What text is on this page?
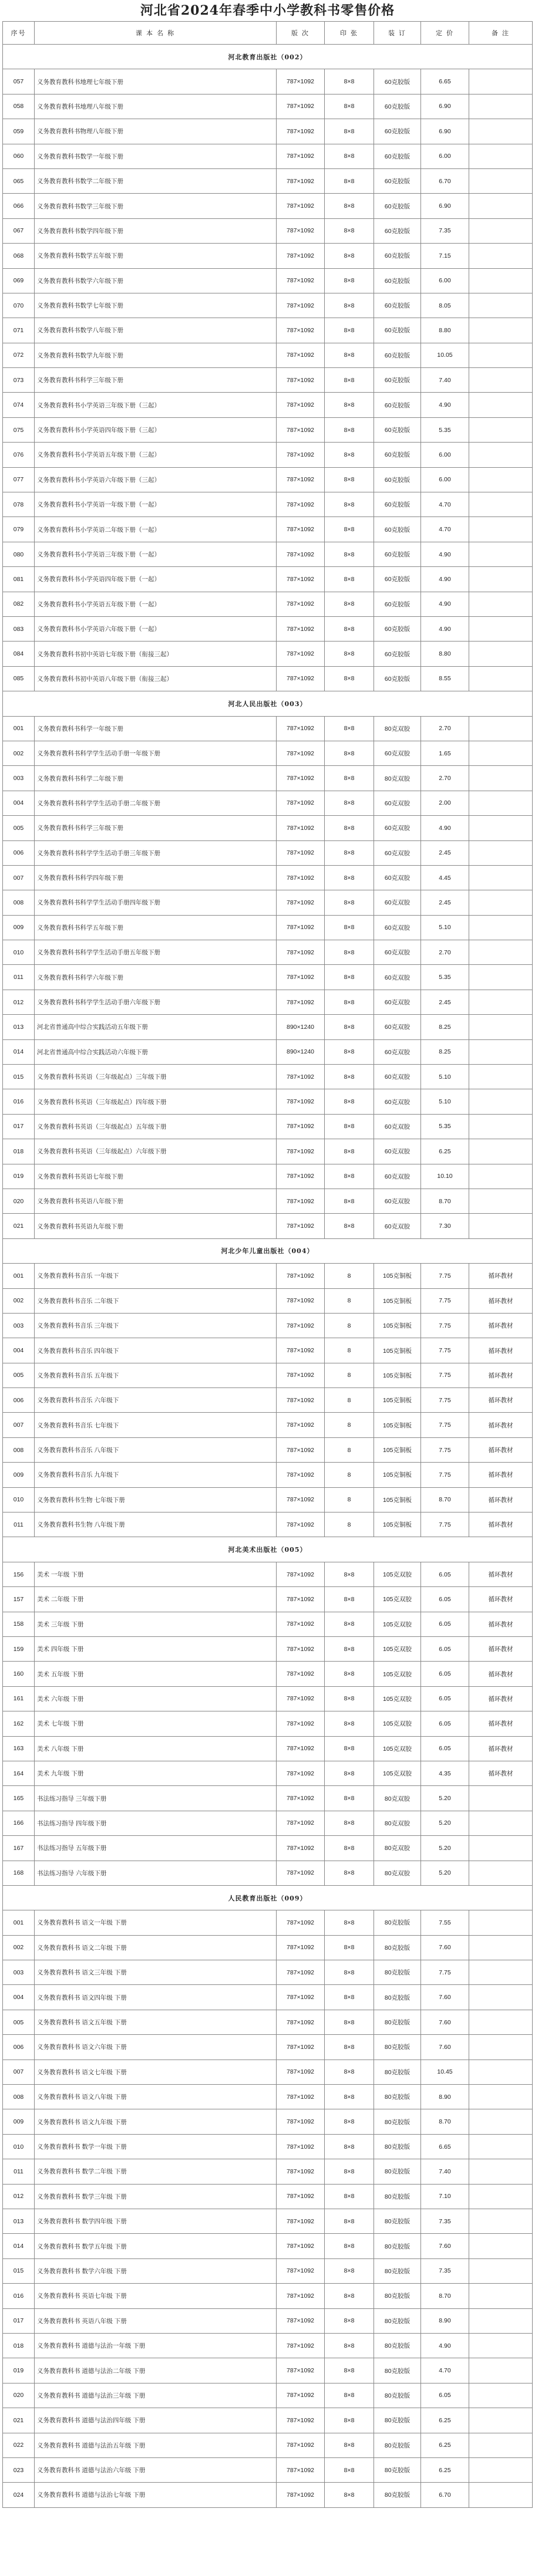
河北省2024年春季中小学教科书零售价格
序号	课 本 名 称	版 次	印 张	装 订	定 价	备 注
河北教育出版社（002）						
057	义务教育教科书地理七年级下册	787×1092	8×8	60克胶版	6.65	
058	义务教育教科书地理八年级下册	787×1092	8×8	60克胶版	6.90	
059	义务教育教科书物理八年级下册	787×1092	8×8	60克胶版	6.90	
060	义务教育教科书数学一年级下册	787×1092	8×8	60克胶版	6.00	
065	义务教育教科书数学二年级下册	787×1092	8×8	60克胶版	6.70	
066	义务教育教科书数学三年级下册	787×1092	8×8	60克胶版	6.90	
067	义务教育教科书数学四年级下册	787×1092	8×8	60克胶版	7.35	
068	义务教育教科书数学五年级下册	787×1092	8×8	60克胶版	7.15	
069	义务教育教科书数学六年级下册	787×1092	8×8	60克胶版	6.00	
070	义务教育教科书数学七年级下册	787×1092	8×8	60克胶版	8.05	
071	义务教育教科书数学八年级下册	787×1092	8×8	60克胶版	8.80	
072	义务教育教科书数学九年级下册	787×1092	8×8	60克胶版	10.05	
073	义务教育教科书科学三年级下册	787×1092	8×8	60克胶版	7.40	
074	义务教育教科书小学英语三年级下册（三起）	787×1092	8×8	60克胶版	4.90	
075	义务教育教科书小学英语四年级下册（三起）	787×1092	8×8	60克胶版	5.35	
076	义务教育教科书小学英语五年级下册（三起）	787×1092	8×8	60克胶版	6.00	
077	义务教育教科书小学英语六年级下册（三起）	787×1092	8×8	60克胶版	6.00	
078	义务教育教科书小学英语一年级下册（一起）	787×1092	8×8	60克胶版	4.70	
079	义务教育教科书小学英语二年级下册（一起）	787×1092	8×8	60克胶版	4.70	
080	义务教育教科书小学英语三年级下册（一起）	787×1092	8×8	60克胶版	4.90	
081	义务教育教科书小学英语四年级下册（一起）	787×1092	8×8	60克胶版	4.90	
082	义务教育教科书小学英语五年级下册（一起）	787×1092	8×8	60克胶版	4.90	
083	义务教育教科书小学英语六年级下册（一起）	787×1092	8×8	60克胶版	4.90	
084	义务教育教科书初中英语七年级下册（衔接三起）	787×1092	8×8	60克胶版	8.80	
085	义务教育教科书初中英语八年级下册（衔接三起）	787×1092	8×8	60克胶版	8.55	
河北人民出版社（003）						
001	义务教育教科书科学一年级下册	787×1092	8×8	80克双胶	2.70	
002	义务教育教科书科学学生活动手册一年级下册	787×1092	8×8	60克双胶	1.65	
003	义务教育教科书科学二年级下册	787×1092	8×8	80克双胶	2.70	
004	义务教育教科书科学学生活动手册二年级下册	787×1092	8×8	60克双胶	2.00	
005	义务教育教科书科学三年级下册	787×1092	8×8	60克双胶	4.90	
006	义务教育教科书科学学生活动手册三年级下册	787×1092	8×8	60克双胶	2.45	
007	义务教育教科书科学四年级下册	787×1092	8×8	60克双胶	4.45	
008	义务教育教科书科学学生活动手册四年级下册	787×1092	8×8	60克双胶	2.45	
009	义务教育教科书科学五年级下册	787×1092	8×8	60克双胶	5.10	
010	义务教育教科书科学学生活动手册五年级下册	787×1092	8×8	60克双胶	2.70	
011	义务教育教科书科学六年级下册	787×1092	8×8	60克双胶	5.35	
012	义务教育教科书科学学生活动手册六年级下册	787×1092	8×8	60克双胶	2.45	
013	河北省普通高中综合实践活动五年级下册	890×1240	8×8	60克双胶	8.25	
014	河北省普通高中综合实践活动六年级下册	890×1240	8×8	60克双胶	8.25	
015	义务教育教科书英语（三年级起点）三年级下册	787×1092	8×8	60克双胶	5.10	
016	义务教育教科书英语（三年级起点）四年级下册	787×1092	8×8	60克双胶	5.10	
017	义务教育教科书英语（三年级起点）五年级下册	787×1092	8×8	60克双胶	5.35	
018	义务教育教科书英语（三年级起点）六年级下册	787×1092	8×8	60克双胶	6.25	
019	义务教育教科书英语七年级下册	787×1092	8×8	60克双胶	10.10	
020	义务教育教科书英语八年级下册	787×1092	8×8	60克双胶	8.70	
021	义务教育教科书英语九年级下册	787×1092	8×8	60克双胶	7.30	
河北少年儿童出版社（004）						
001	义务教育教科书音乐 一年级下	787×1092	8	105克铜板	7.75	循环教材
002	义务教育教科书音乐 二年级下	787×1092	8	105克铜板	7.75	循环教材
003	义务教育教科书音乐 三年级下	787×1092	8	105克铜板	7.75	循环教材
004	义务教育教科书音乐 四年级下	787×1092	8	105克铜板	7.75	循环教材
005	义务教育教科书音乐 五年级下	787×1092	8	105克铜板	7.75	循环教材
006	义务教育教科书音乐 六年级下	787×1092	8	105克铜板	7.75	循环教材
007	义务教育教科书音乐 七年级下	787×1092	8	105克铜板	7.75	循环教材
008	义务教育教科书音乐 八年级下	787×1092	8	105克铜板	7.75	循环教材
009	义务教育教科书音乐 九年级下	787×1092	8	105克铜板	7.75	循环教材
010	义务教育教科书生物 七年级下册	787×1092	8	105克铜板	8.70	循环教材
011	义务教育教科书生物 八年级下册	787×1092	8	105克铜板	7.75	循环教材
河北美术出版社（005）						
156	美术 一年级 下册	787×1092	8×8	105克双胶	6.05	循环教材
157	美术 二年级 下册	787×1092	8×8	105克双胶	6.05	循环教材
158	美术 三年级 下册	787×1092	8×8	105克双胶	6.05	循环教材
159	美术 四年级 下册	787×1092	8×8	105克双胶	6.05	循环教材
160	美术 五年级 下册	787×1092	8×8	105克双胶	6.05	循环教材
161	美术 六年级 下册	787×1092	8×8	105克双胶	6.05	循环教材
162	美术 七年级 下册	787×1092	8×8	105克双胶	6.05	循环教材
163	美术 八年级 下册	787×1092	8×8	105克双胶	6.05	循环教材
164	美术 九年级 下册	787×1092	8×8	105克双胶	4.35	循环教材
165	书法练习指导 三年级下册	787×1092	8×8	80克双胶	5.20	
166	书法练习指导 四年级下册	787×1092	8×8	80克双胶	5.20	
167	书法练习指导 五年级下册	787×1092	8×8	80克双胶	5.20	
168	书法练习指导 六年级下册	787×1092	8×8	80克双胶	5.20	
人民教育出版社（009）						
001	义务教育教科书 语文一年级 下册	787×1092	8×8	80克胶版	7.55	
002	义务教育教科书 语文二年级 下册	787×1092	8×8	80克胶版	7.60	
003	义务教育教科书 语文三年级 下册	787×1092	8×8	80克胶版	7.75	
004	义务教育教科书 语文四年级 下册	787×1092	8×8	80克胶版	7.60	
005	义务教育教科书 语文五年级 下册	787×1092	8×8	80克胶版	7.60	
006	义务教育教科书 语文六年级 下册	787×1092	8×8	80克胶版	7.60	
007	义务教育教科书 语文七年级 下册	787×1092	8×8	80克胶版	10.45	
008	义务教育教科书 语文八年级 下册	787×1092	8×8	80克胶版	8.90	
009	义务教育教科书 语文九年级 下册	787×1092	8×8	80克胶版	8.70	
010	义务教育教科书 数学一年级 下册	787×1092	8×8	80克胶版	6.65	
011	义务教育教科书 数学二年级 下册	787×1092	8×8	80克胶版	7.40	
012	义务教育教科书 数学三年级 下册	787×1092	8×8	80克胶版	7.10	
013	义务教育教科书 数学四年级 下册	787×1092	8×8	80克胶版	7.35	
014	义务教育教科书 数学五年级 下册	787×1092	8×8	80克胶版	7.60	
015	义务教育教科书 数学六年级 下册	787×1092	8×8	80克胶版	7.35	
016	义务教育教科书 英语七年级 下册	787×1092	8×8	80克胶版	8.70	
017	义务教育教科书 英语八年级 下册	787×1092	8×8	80克胶版	8.90	
018	义务教育教科书 道德与法治一年级 下册	787×1092	8×8	80克胶版	4.90	
019	义务教育教科书 道德与法治二年级 下册	787×1092	8×8	80克胶版	4.70	
020	义务教育教科书 道德与法治三年级 下册	787×1092	8×8	80克胶版	6.05	
021	义务教育教科书 道德与法治四年级 下册	787×1092	8×8	80克胶版	6.25	
022	义务教育教科书 道德与法治五年级 下册	787×1092	8×8	80克胶版	6.25	
023	义务教育教科书 道德与法治六年级 下册	787×1092	8×8	80克胶版	6.25	
024	义务教育教科书 道德与法治七年级 下册	787×1092	8×8	80克胶版	6.70	
